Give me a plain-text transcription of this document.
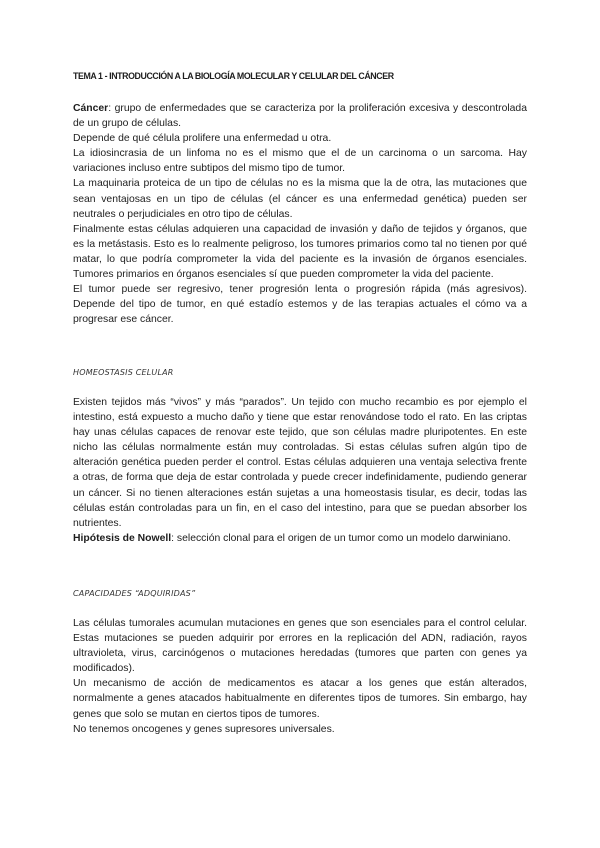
TEMA 1 - INTRODUCCIÓN A LA BIOLOGÍA MOLECULAR Y CELULAR DEL CÁNCER

Cáncer: grupo de enfermedades que se caracteriza por la proliferación excesiva y descontrolada de un grupo de células.

Depende de qué célula prolifere una enfermedad u otra.

La idiosincrasia de un linfoma no es el mismo que el de un carcinoma o un sarcoma. Hay variaciones incluso entre subtipos del mismo tipo de tumor.

La maquinaria proteica de un tipo de células no es la misma que la de otra, las mutaciones que sean ventajosas en un tipo de células (el cáncer es una enfermedad genética) pueden ser neutrales o perjudiciales en otro tipo de células.

Finalmente estas células adquieren una capacidad de invasión y daño de tejidos y órganos, que es la metástasis. Esto es lo realmente peligroso, los tumores primarios como tal no tienen por qué matar, lo que podría comprometer la vida del paciente es la invasión de órganos esenciales. Tumores primarios en órganos esenciales sí que pueden comprometer la vida del paciente.

El tumor puede ser regresivo, tener progresión lenta o progresión rápida (más agresivos). Depende del tipo de tumor, en qué estadío estemos y de las terapias actuales el cómo va a progresar ese cáncer.

HOMEOSTASIS CELULAR

Existen tejidos más “vivos” y más “parados”. Un tejido con mucho recambio es por ejemplo el intestino, está expuesto a mucho daño y tiene que estar renovándose todo el rato. En las criptas hay unas células capaces de renovar este tejido, que son células madre pluripotentes. En este nicho las células normalmente están muy controladas. Si estas células sufren algún tipo de alteración genética pueden perder el control. Estas células adquieren una ventaja selectiva frente a otras, de forma que deja de estar controlada y puede crecer indefinidamente, pudiendo generar un cáncer. Si no tienen alteraciones están sujetas a una homeostasis tisular, es decir, todas las células están controladas para un fin, en el caso del intestino, para que se puedan absorber los nutrientes.

Hipótesis de Nowell: selección clonal para el origen de un tumor como un modelo darwiniano.

CAPACIDADES “ADQUIRIDAS”

Las células tumorales acumulan mutaciones en genes que son esenciales para el control celular. Estas mutaciones se pueden adquirir por errores en la replicación del ADN, radiación, rayos ultravioleta, virus, carcinógenos o mutaciones heredadas (tumores que parten con genes ya modificados).

Un mecanismo de acción de medicamentos es atacar a los genes que están alterados, normalmente a genes atacados habitualmente en diferentes tipos de tumores. Sin embargo, hay genes que solo se mutan en ciertos tipos de tumores.

No tenemos oncogenes y genes supresores universales.
